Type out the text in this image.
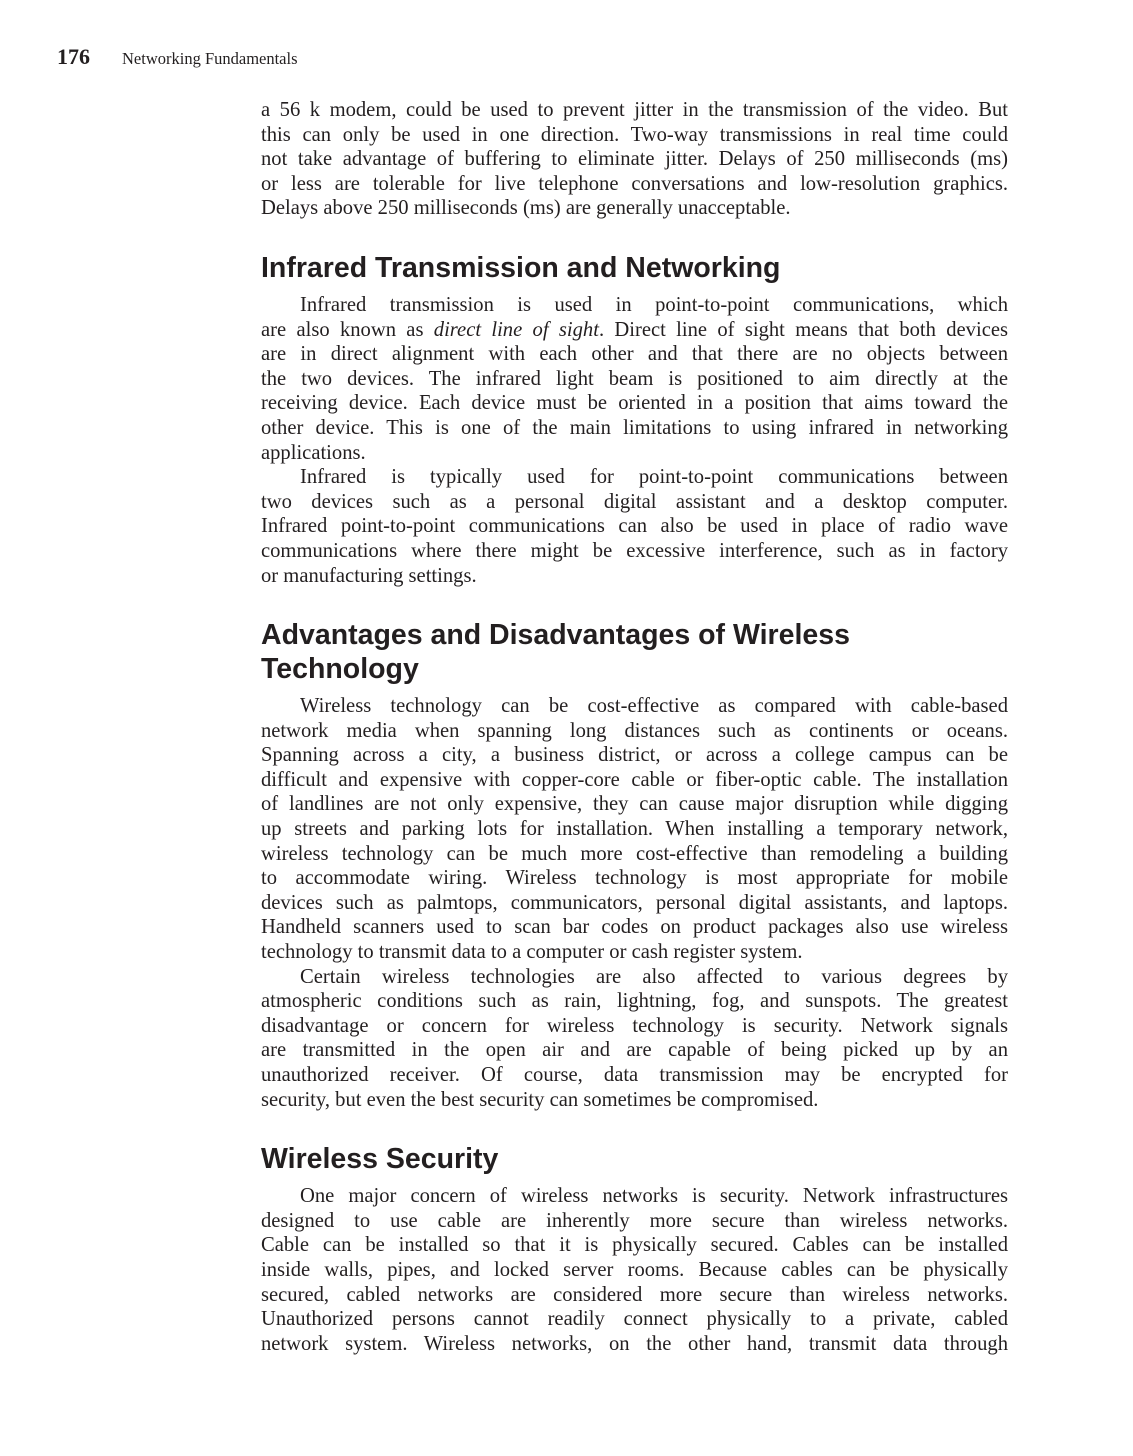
176	Networking Fundamentals
a 56 k modem, could be used to prevent jitter in the transmission of the video. But
this can only be used in one direction. Two-way transmissions in real time could
not take advantage of buffering to eliminate jitter. Delays of 250 milliseconds (ms)
or less are tolerable for live telephone conversations and low-resolution graphics.
Delays above 250 milliseconds (ms) are generally unacceptable.
Infrared Transmission and Networking
Infrared transmission is used in point-to-point communications, which
are also known as direct line of sight. Direct line of sight means that both devices
are in direct alignment with each other and that there are no objects between
the two devices. The infrared light beam is positioned to aim directly at the
receiving device. Each device must be oriented in a position that aims toward the
other device. This is one of the main limitations to using infrared in networking
applications.
Infrared is typically used for point-to-point communications between
two devices such as a personal digital assistant and a desktop computer.
Infrared point-to-point communications can also be used in place of radio wave
communications where there might be excessive interference, such as in factory
or manufacturing settings.
Advantages and Disadvantages of Wireless
Technology
Wireless technology can be cost-effective as compared with cable-based
network media when spanning long distances such as continents or oceans.
Spanning across a city, a business district, or across a college campus can be
difficult and expensive with copper-core cable or fiber-optic cable. The installation
of landlines are not only expensive, they can cause major disruption while digging
up streets and parking lots for installation. When installing a temporary network,
wireless technology can be much more cost-effective than remodeling a building
to accommodate wiring. Wireless technology is most appropriate for mobile
devices such as palmtops, communicators, personal digital assistants, and laptops.
Handheld scanners used to scan bar codes on product packages also use wireless
technology to transmit data to a computer or cash register system.
Certain wireless technologies are also affected to various degrees by
atmospheric conditions such as rain, lightning, fog, and sunspots. The greatest
disadvantage or concern for wireless technology is security. Network signals
are transmitted in the open air and are capable of being picked up by an
unauthorized receiver. Of course, data transmission may be encrypted for
security, but even the best security can sometimes be compromised.
Wireless Security
One major concern of wireless networks is security. Network infrastructures
designed to use cable are inherently more secure than wireless networks.
Cable can be installed so that it is physically secured. Cables can be installed
inside walls, pipes, and locked server rooms. Because cables can be physically
secured, cabled networks are considered more secure than wireless networks.
Unauthorized persons cannot readily connect physically to a private, cabled
network system. Wireless networks, on the other hand, transmit data through
